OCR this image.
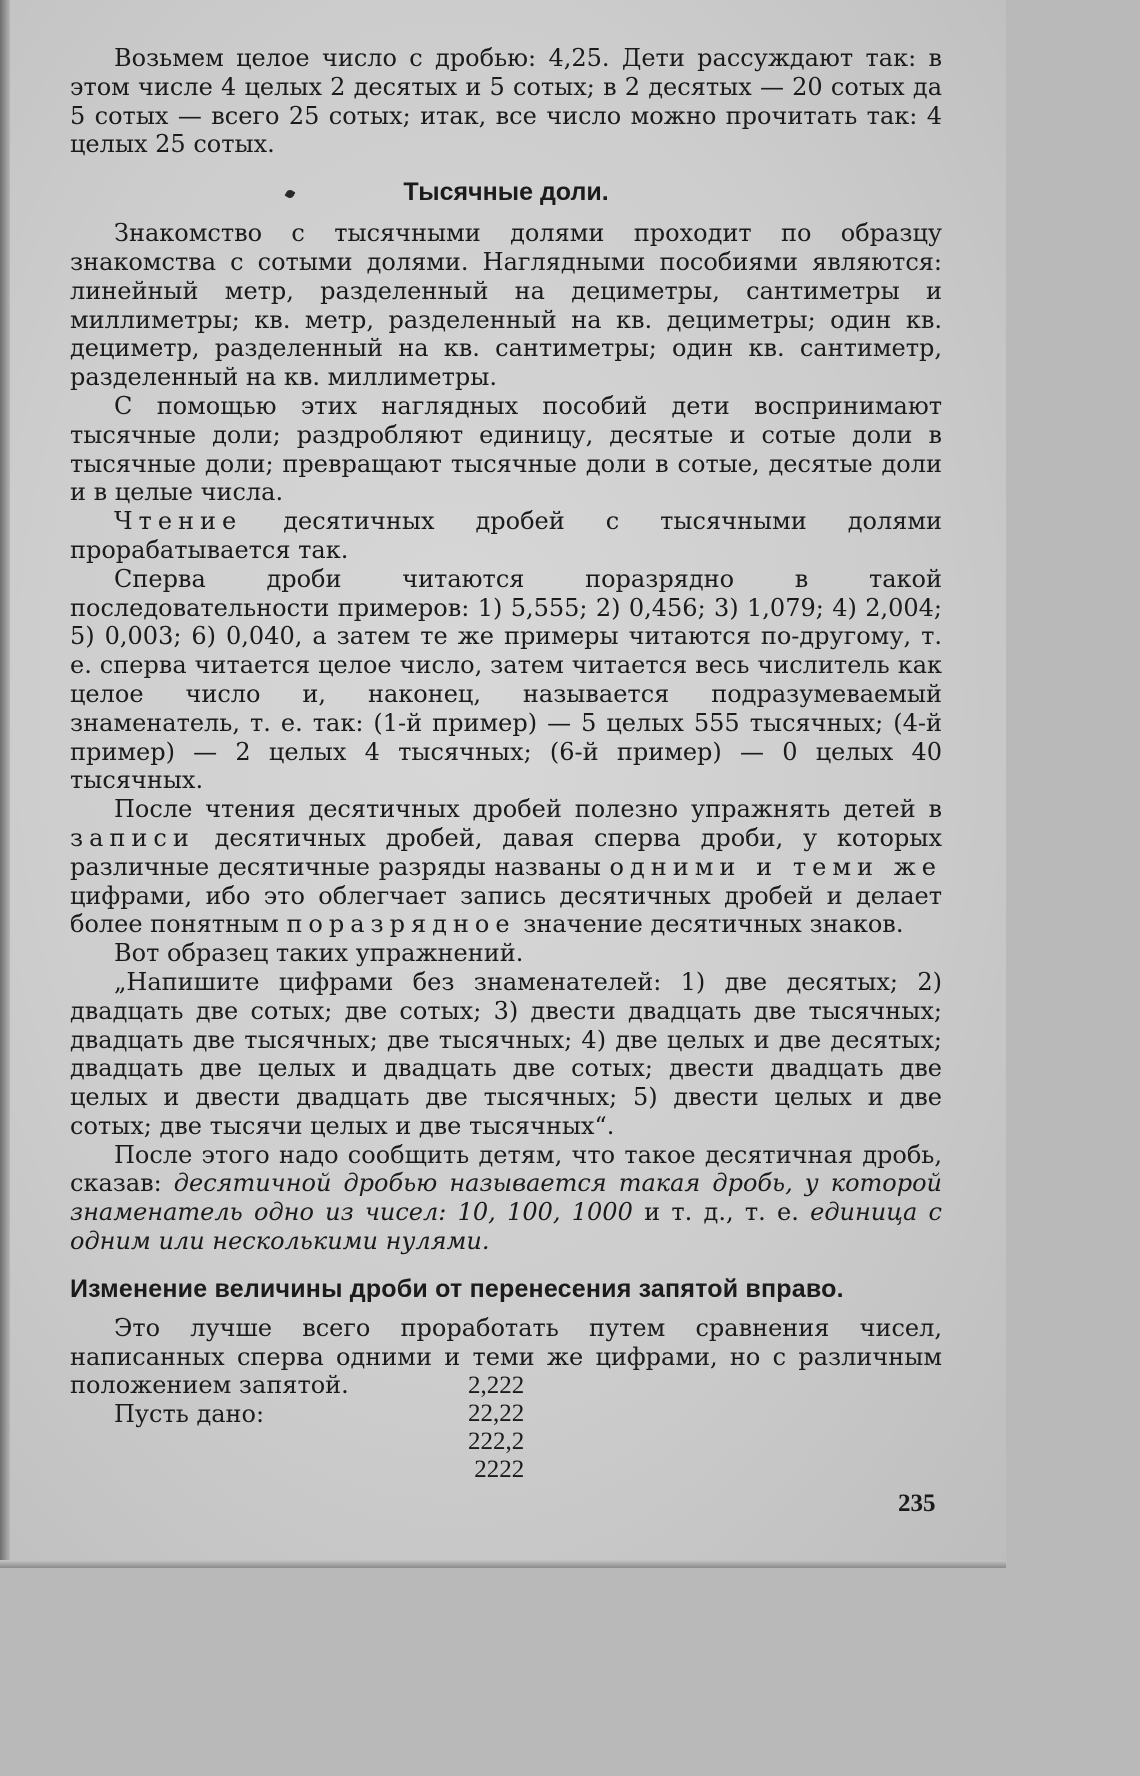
Возьмем целое число с дробью: 4,25. Дети рассуждают так: в этом числе 4 целых 2 десятых и 5 сотых; в 2 десятых — 20 сотых да 5 сотых — всего 25 сотых; итак, все число можно прочитать так: 4 целых 25 сотых.

Тысячные доли.

Знакомство с тысячными долями проходит по образцу знакомства с сотыми долями. Наглядными пособиями являются: линейный метр, разделенный на дециметры, сантиметры и миллиметры; кв. метр, разделенный на кв. дециметры; один кв. дециметр, разделенный на кв. сантиметры; один кв. сантиметр, разделенный на кв. миллиметры.

С помощью этих наглядных пособий дети воспринимают тысячные доли; раздробляют единицу, десятые и сотые доли в тысячные доли; превращают тысячные доли в сотые, десятые доли и в целые числа.

Чтение десятичных дробей с тысячными долями прорабатывается так.

Сперва дроби читаются поразрядно в такой последовательности примеров: 1) 5,555; 2) 0,456; 3) 1,079; 4) 2,004; 5) 0,003; 6) 0,040, а затем те же примеры читаются по-другому, т. е. сперва читается целое число, затем читается весь числитель как целое число и, наконец, называется подразумеваемый знаменатель, т. е. так: (1-й пример) — 5 целых 555 тысячных; (4-й пример) — 2 целых 4 тысячных; (6-й пример) — 0 целых 40 тысячных.

После чтения десятичных дробей полезно упражнять детей в записи десятичных дробей, давая сперва дроби, у которых различные десятичные разряды названы одними и теми же цифрами, ибо это облегчает запись десятичных дробей и делает более понятным поразрядное значение десятичных знаков.

Вот образец таких упражнений.

„Напишите цифрами без знаменателей: 1) две десятых; 2) двадцать две сотых; две сотых; 3) двести двадцать две тысячных; двадцать две тысячных; две тысячных; 4) две целых и две десятых; двадцать две целых и двадцать две сотых; двести двадцать две целых и двести двадцать две тысячных; 5) двести целых и две сотых; две тысячи целых и две тысячных“.

После этого надо сообщить детям, что такое десятичная дробь, сказав: десятичной дробью называется такая дробь, у которой знаменатель одно из чисел: 10, 100, 1000 и т. д., т. е. единица с одним или несколькими нулями.

Изменение величины дроби от перенесения запятой вправо.

Это лучше всего проработать путем сравнения чисел, написанных сперва одними и теми же цифрами, но с различным положением запятой.

Пусть дано:

2,222
22,22
222,2
2222
235
